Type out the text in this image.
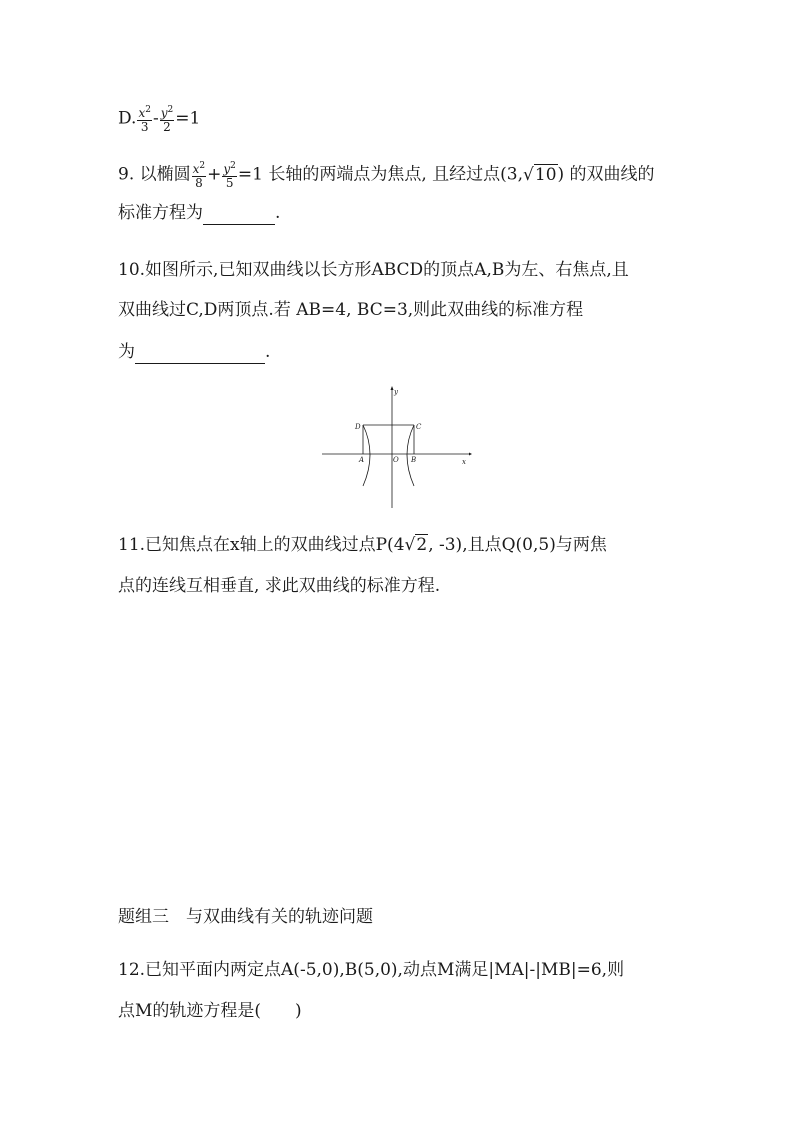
D. $\frac{x^2}{3} - \frac{y^2}{2} =1$
9. 以椭圆 $\frac{x^2}{8} + \frac{y^2}{5} =1$ 长轴的两端点为焦点, 且经过点(3,√10) 的双曲线的
标准方程为	.
10.如图所示,已知双曲线以长方形ABCD的顶点A,B为左、右焦点,且
双曲线过C,D两顶点.若 AB=4, BC=3,则此双曲线的标准方程
为	.
y
x
D	C
A	O B
11.已知焦点在x轴上的双曲线过点P(4√2, -3),且点Q(0,5)与两焦
点的连线互相垂直, 求此双曲线的标准方程.
题组三　与双曲线有关的轨迹问题
12.已知平面内两定点A(-5,0),B(5,0),动点M满足|MA|-|MB|=6,则
点M的轨迹方程是(　　)
